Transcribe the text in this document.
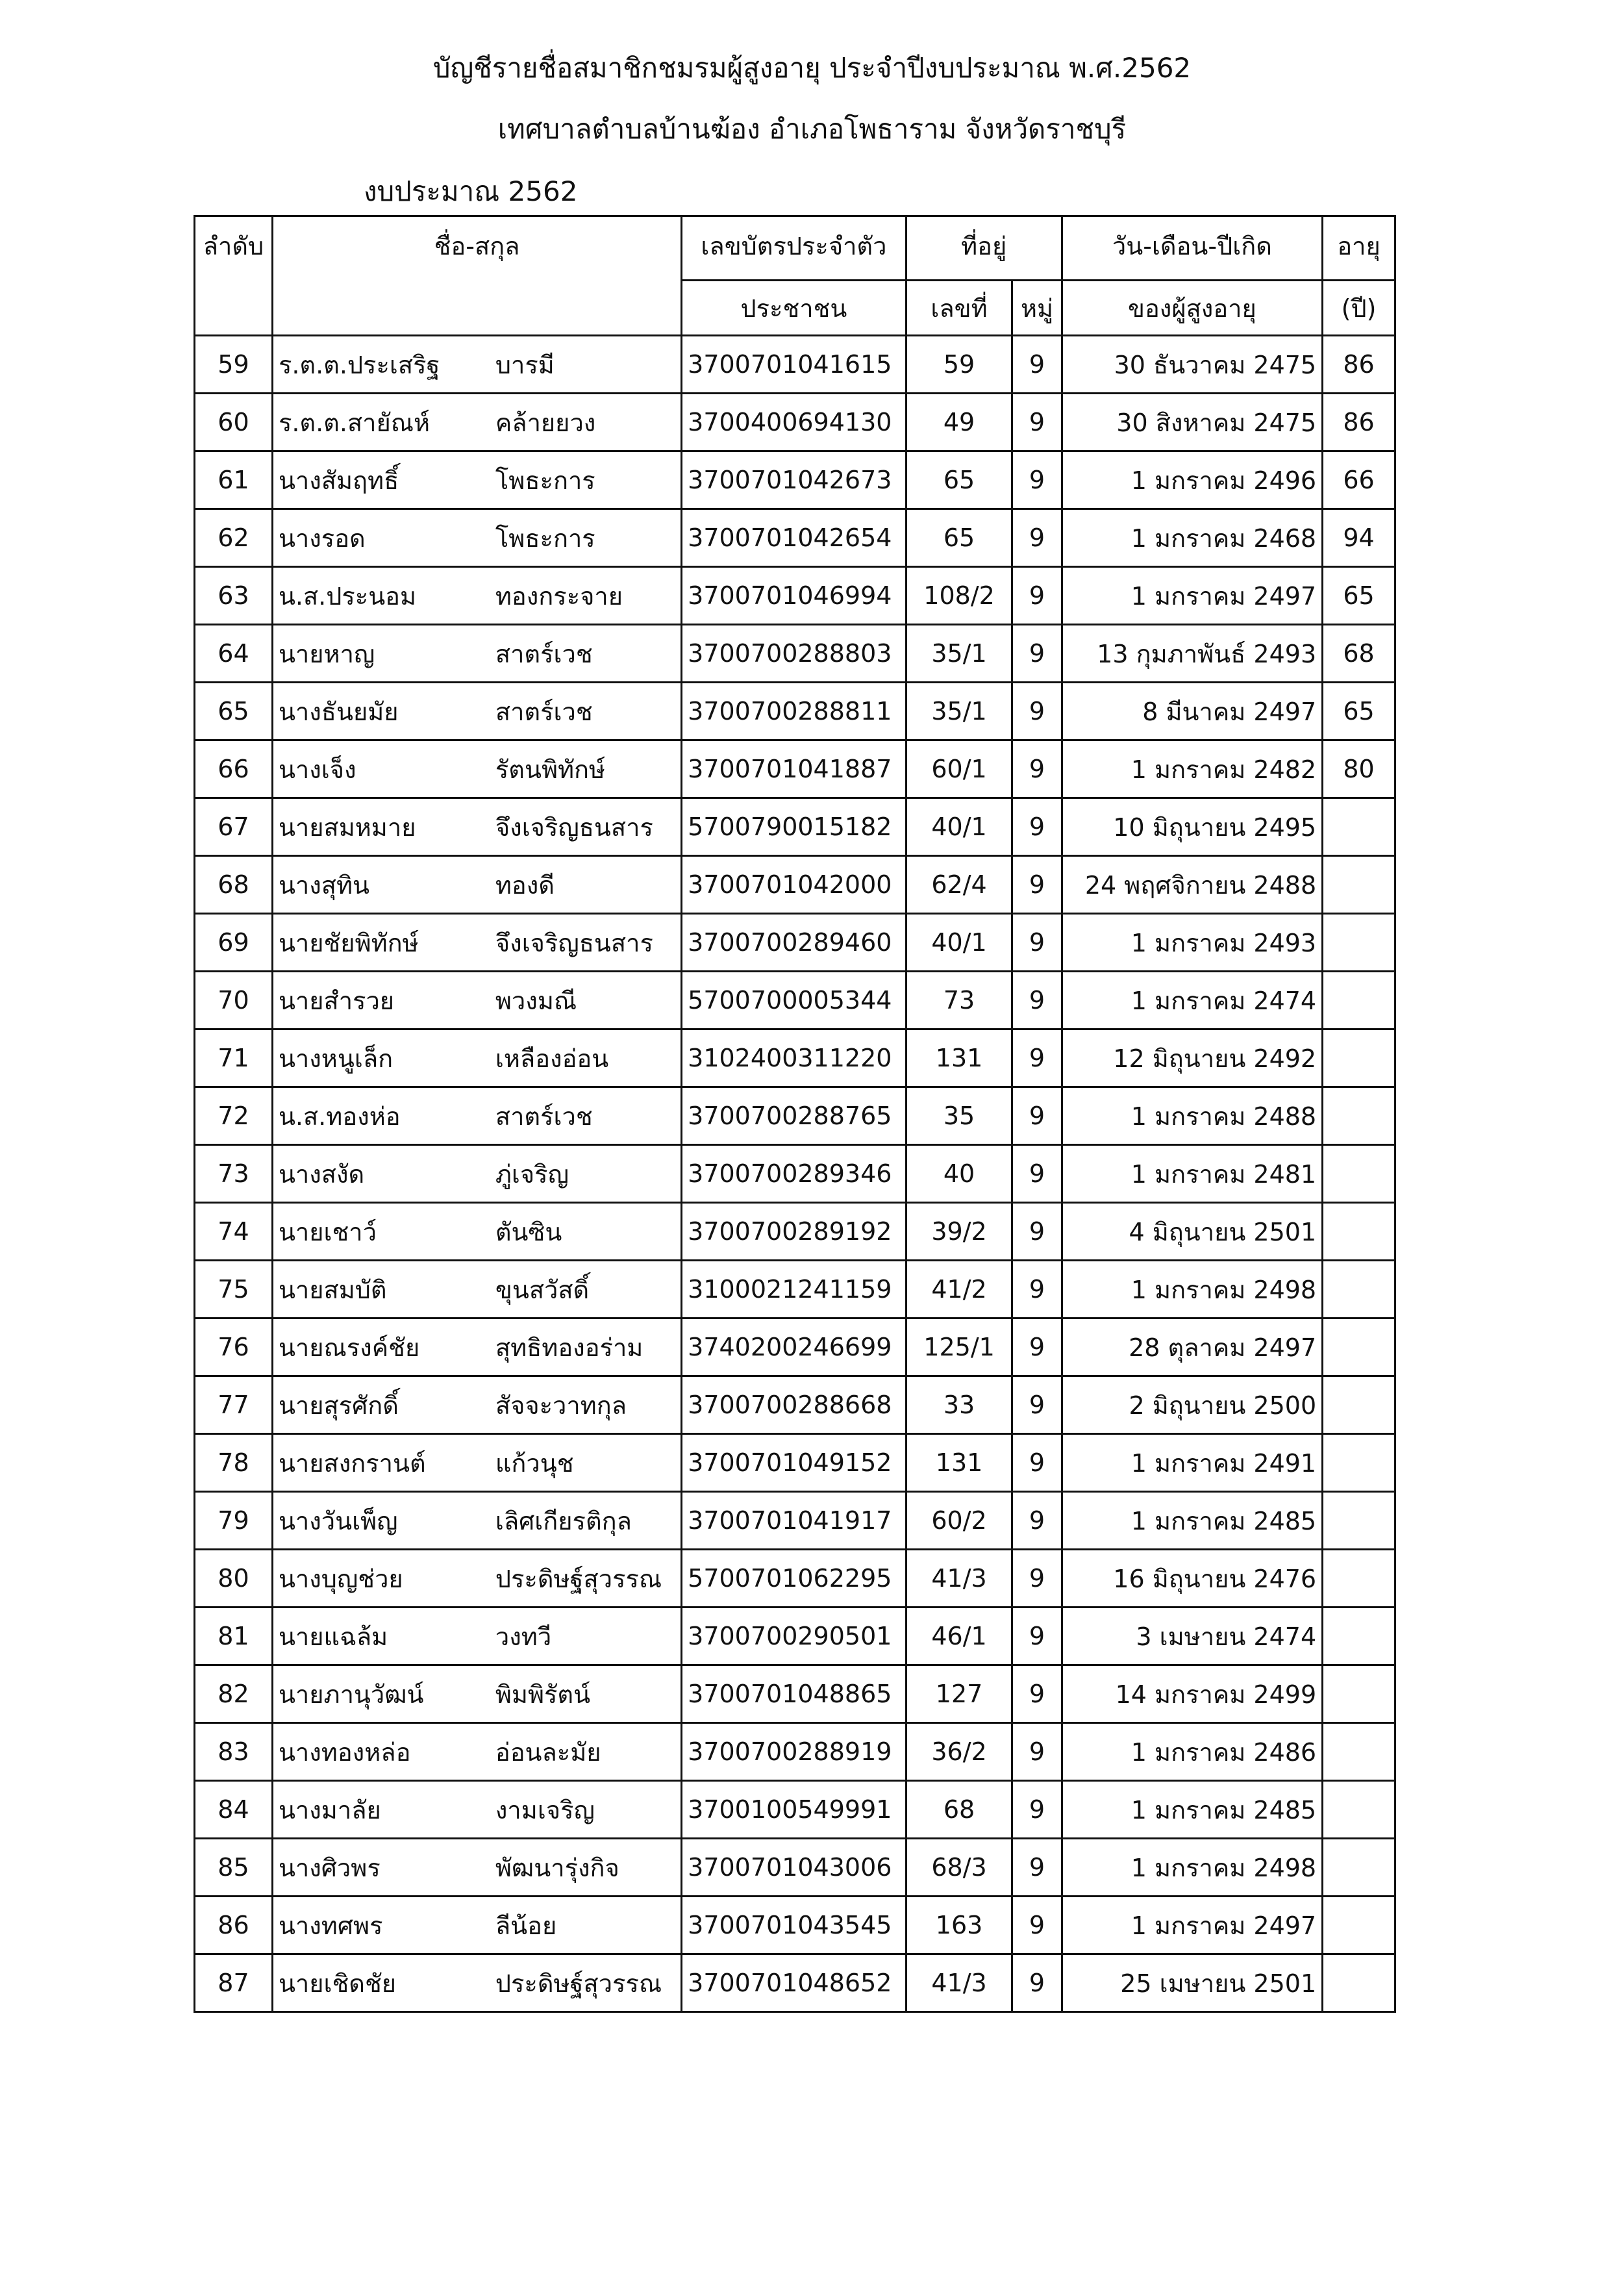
บัญชีรายชื่อสมาชิกชมรมผู้สูงอายุ ประจำปีงบประมาณ พ.ศ.2562
เทศบาลตำบลบ้านฆ้อง อำเภอโพธาราม จังหวัดราชบุรี
งบประมาณ 2562
ลำดับ	ชื่อ-สกุล		เลขบัตรประจำตัว	ที่อยู่		วัน-เดือน-ปีเกิด	อายุ
			ประชาชน	เลขที่	หมู่	ของผู้สูงอายุ	(ปี)
59	ร.ต.ต.ประเสริฐ	บารมี	3700701041615	59	9	30 ธันวาคม 2475	86
60	ร.ต.ต.สายัณห์	คล้ายยวง	3700400694130	49	9	30 สิงหาคม 2475	86
61	นางสัมฤทธิ์	โพธะการ	3700701042673	65	9	1 มกราคม 2496	66
62	นางรอด	โพธะการ	3700701042654	65	9	1 มกราคม 2468	94
63	น.ส.ประนอม	ทองกระจาย	3700701046994	108/2	9	1 มกราคม 2497	65
64	นายหาญ	สาตร์เวช	3700700288803	35/1	9	13 กุมภาพันธ์ 2493	68
65	นางธันยมัย	สาตร์เวช	3700700288811	35/1	9	8 มีนาคม 2497	65
66	นางเจ็ง	รัตนพิทักษ์	3700701041887	60/1	9	1 มกราคม 2482	80
67	นายสมหมาย	จึงเจริญธนสาร	5700790015182	40/1	9	10 มิถุนายน 2495	
68	นางสุทิน	ทองดี	3700701042000	62/4	9	24 พฤศจิกายน 2488	
69	นายชัยพิทักษ์	จึงเจริญธนสาร	3700700289460	40/1	9	1 มกราคม 2493	
70	นายสำรวย	พวงมณี	5700700005344	73	9	1 มกราคม 2474	
71	นางหนูเล็ก	เหลืองอ่อน	3102400311220	131	9	12 มิถุนายน 2492	
72	น.ส.ทองห่อ	สาตร์เวช	3700700288765	35	9	1 มกราคม 2488	
73	นางสงัด	ภู่เจริญ	3700700289346	40	9	1 มกราคม 2481	
74	นายเชาว์	ตันซิน	3700700289192	39/2	9	4 มิถุนายน 2501	
75	นายสมบัติ	ขุนสวัสดิ์	3100021241159	41/2	9	1 มกราคม 2498	
76	นายณรงค์ชัย	สุทธิทองอร่าม	3740200246699	125/1	9	28 ตุลาคม 2497	
77	นายสุรศักดิ์	สัจจะวาทกุล	3700700288668	33	9	2 มิถุนายน 2500	
78	นายสงกรานต์	แก้วนุช	3700701049152	131	9	1 มกราคม 2491	
79	นางวันเพ็ญ	เลิศเกียรติกุล	3700701041917	60/2	9	1 มกราคม 2485	
80	นางบุญช่วย	ประดิษฐ์สุวรรณ	5700701062295	41/3	9	16 มิถุนายน 2476	
81	นายแฉล้ม	วงทวี	3700700290501	46/1	9	3 เมษายน 2474	
82	นายภานุวัฒน์	พิมพิรัตน์	3700701048865	127	9	14 มกราคม 2499	
83	นางทองหล่อ	อ่อนละมัย	3700700288919	36/2	9	1 มกราคม 2486	
84	นางมาลัย	งามเจริญ	3700100549991	68	9	1 มกราคม 2485	
85	นางศิวพร	พัฒนารุ่งกิจ	3700701043006	68/3	9	1 มกราคม 2498	
86	นางทศพร	ลีน้อย	3700701043545	163	9	1 มกราคม 2497	
87	นายเชิดชัย	ประดิษฐ์สุวรรณ	3700701048652	41/3	9	25 เมษายน 2501	
